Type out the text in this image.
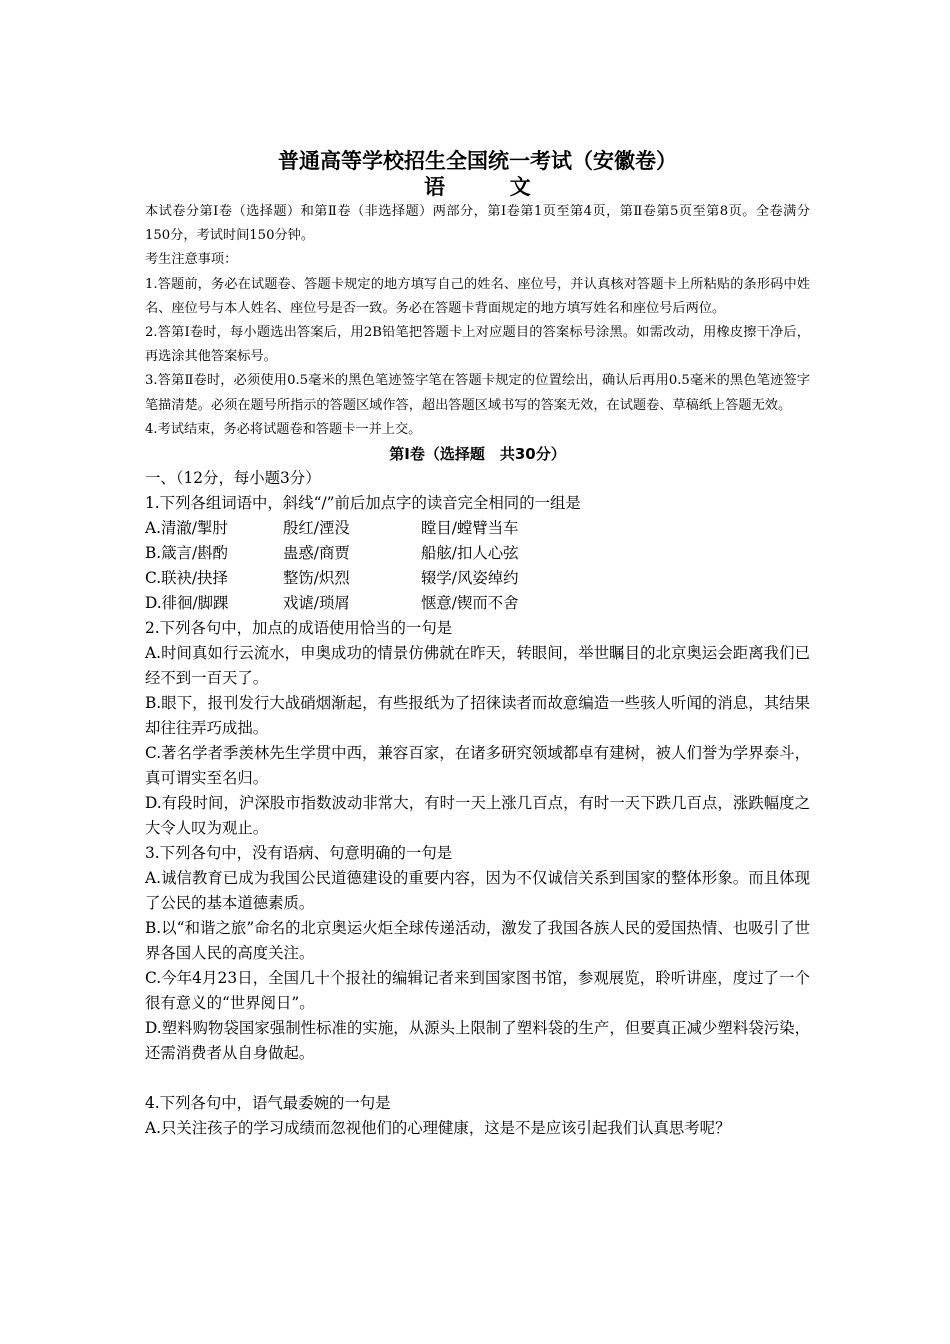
普通高等学校招生全国统一考试（安徽卷）

语　　　文

本试卷分第Ⅰ卷（选择题）和第Ⅱ卷（非选择题）两部分，第Ⅰ卷第1页至第4页，第Ⅱ卷第5页至第8页。全卷满分150分，考试时间150分钟。

考生注意事项：

1.答题前，务必在试题卷、答题卡规定的地方填写自己的姓名、座位号，并认真核对答题卡上所粘贴的条形码中姓名、座位号与本人姓名、座位号是否一致。务必在答题卡背面规定的地方填写姓名和座位号后两位。

2.答第Ⅰ卷时，每小题选出答案后，用2B铅笔把答题卡上对应题目的答案标号涂黑。如需改动，用橡皮擦干净后，再选涂其他答案标号。

3.答第Ⅱ卷时，必须使用0.5毫米的黑色笔迹签字笔在答题卡规定的位置绘出，确认后再用0.5毫米的黑色笔迹签字笔描清楚。必须在题号所指示的答题区域作答，超出答题区域书写的答案无效，在试题卷、草稿纸上答题无效。

4.考试结束，务必将试题卷和答题卡一并上交。

第Ⅰ卷（选择题　共30分）

一、（12分，每小题3分）

1.下列各组词语中，斜线“/”前后加点字的读音完全相同的一组是

A.清澈/掣肘	殷红/湮没	瞠目/螳臂当车
B.箴言/斟酌	蛊惑/商贾	船舷/扣人心弦
C.联袂/抉择	整饬/炽烈	辍学/风姿绰约
D.徘徊/脚踝	戏谑/琐屑	惬意/锲而不舍

2.下列各句中，加点的成语使用恰当的一句是

A.时间真如行云流水，申奥成功的情景仿佛就在昨天，转眼间，举世瞩目的北京奥运会距离我们已经不到一百天了。

B.眼下，报刊发行大战硝烟渐起，有些报纸为了招徕读者而故意编造一些骇人听闻的消息，其结果却往往弄巧成拙。

C.著名学者季羡林先生学贯中西，兼容百家，在诸多研究领域都卓有建树，被人们誉为学界泰斗，真可谓实至名归。

D.有段时间，沪深股市指数波动非常大，有时一天上涨几百点，有时一天下跌几百点，涨跌幅度之大令人叹为观止。

3.下列各句中，没有语病、句意明确的一句是

A.诚信教育已成为我国公民道德建设的重要内容，因为不仅诚信关系到国家的整体形象。而且体现了公民的基本道德素质。

B.以“和谐之旅”命名的北京奥运火炬全球传递活动，激发了我国各族人民的爱国热情、也吸引了世界各国人民的高度关注。

C.今年4月23日，全国几十个报社的编辑记者来到国家图书馆，参观展览，聆听讲座，度过了一个很有意义的“世界阅日”。

D.塑料购物袋国家强制性标准的实施，从源头上限制了塑料袋的生产，但要真正减少塑料袋污染，还需消费者从自身做起。

4.下列各句中，语气最委婉的一句是

A.只关注孩子的学习成绩而忽视他们的心理健康，这是不是应该引起我们认真思考呢？
